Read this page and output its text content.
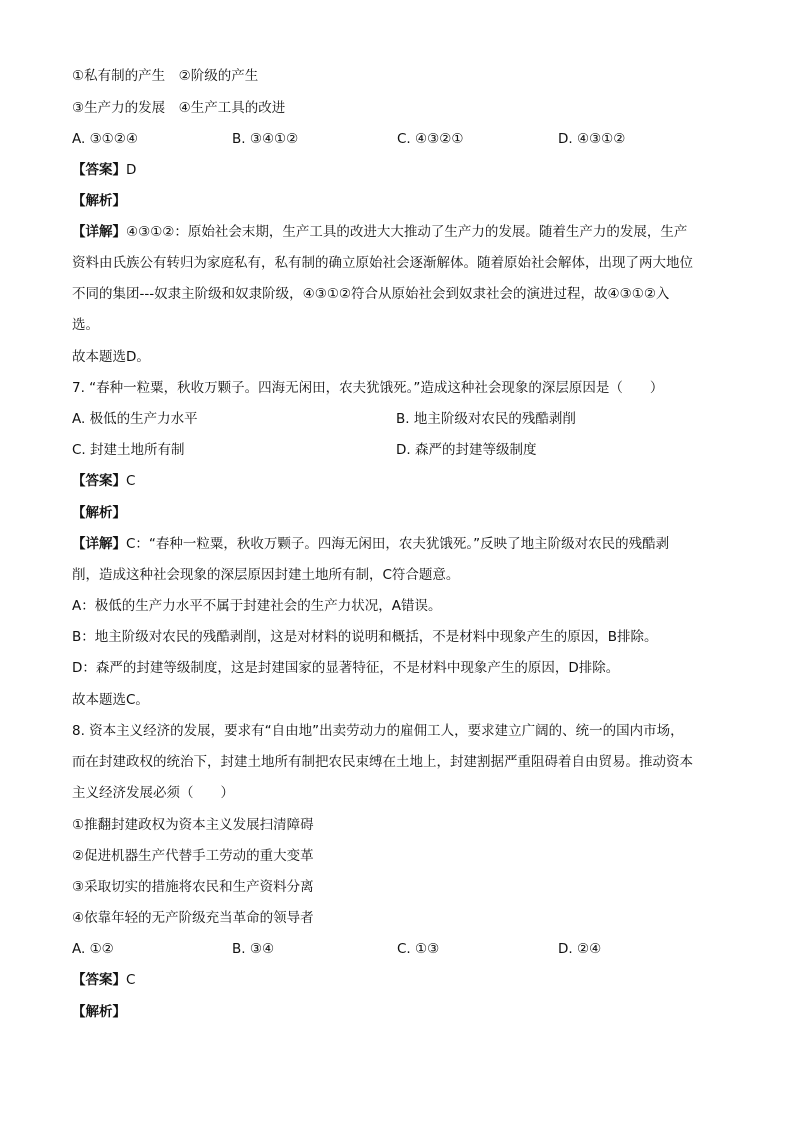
①私有制的产生　②阶级的产生
③生产力的发展　④生产工具的改进
A. ③①②④	B. ③④①②	C. ④③②①	D. ④③①②
【答案】D
【解析】
【详解】④③①②：原始社会末期，生产工具的改进大大推动了生产力的发展。随着生产力的发展，生产
资料由氏族公有转归为家庭私有，私有制的确立原始社会逐渐解体。随着原始社会解体，出现了两大地位
不同的集团---奴隶主阶级和奴隶阶级，④③①②符合从原始社会到奴隶社会的演进过程，故④③①②入
选。
故本题选D。
7. “春种一粒粟，秋收万颗子。四海无闲田，农夫犹饿死。”造成这种社会现象的深层原因是（　　）
A. 极低的生产力水平	B. 地主阶级对农民的残酷剥削
C. 封建土地所有制	D. 森严的封建等级制度
【答案】C
【解析】
【详解】C：“春种一粒粟，秋收万颗子。四海无闲田，农夫犹饿死。”反映了地主阶级对农民的残酷剥
削，造成这种社会现象的深层原因封建土地所有制，C符合题意。
A：极低的生产力水平不属于封建社会的生产力状况，A错误。
B：地主阶级对农民的残酷剥削，这是对材料的说明和概括，不是材料中现象产生的原因，B排除。
D：森严的封建等级制度，这是封建国家的显著特征，不是材料中现象产生的原因，D排除。
故本题选C。
8. 资本主义经济的发展，要求有“自由地”出卖劳动力的雇佣工人，要求建立广阔的、统一的国内市场，
而在封建政权的统治下，封建土地所有制把农民束缚在土地上，封建割据严重阻碍着自由贸易。推动资本
主义经济发展必须（　　）
①推翻封建政权为资本主义发展扫清障碍
②促进机器生产代替手工劳动的重大变革
③采取切实的措施将农民和生产资料分离
④依靠年轻的无产阶级充当革命的领导者
A. ①②	B. ③④	C. ①③	D. ②④
【答案】C
【解析】
